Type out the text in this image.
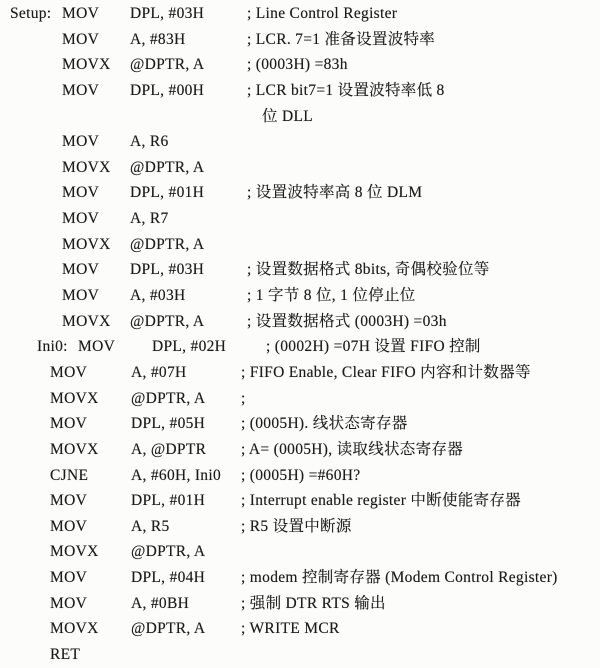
Setup: MOV DPL, #03H	; Line Control Register
MOV A, #83H	; LCR. 7=1 准备设置波特率
MOVX @DPTR, A	; (0003H) =83h
MOV DPL, #00H	; LCR bit7=1 设置波特率低 8
位 DLL
MOV A, R6
MOVX @DPTR, A
MOV DPL, #01H	; 设置波特率高 8 位 DLM
MOV A, R7
MOVX @DPTR, A
MOV DPL, #03H	; 设置数据格式 8bits, 奇偶校验位等
MOV A, #03H	; 1 字节 8 位, 1 位停止位
MOVX @DPTR, A	; 设置数据格式 (0003H) =03h
Ini0: MOV DPL, #02H	; (0002H) =07H 设置 FIFO 控制
MOV	A, #07H	; FIFO Enable, Clear FIFO 内容和计数器等
MOVX @DPTR, A ;
MOV	DPL, #05H ; (0005H). 线状态寄存器
MOVX A, @DPTR ; A= (0005H), 读取线状态寄存器
CJNE	A, #60H, Ini0 ; (0005H) =#60H?
MOV	DPL, #01H ; Interrupt enable register 中断使能寄存器
MOV	A, R5	; R5 设置中断源
MOVX @DPTR, A
MOV	DPL, #04H ; modem 控制寄存器 (Modem Control Register)
MOV	A, #0BH	; 强制 DTR RTS 输出
MOVX @DPTR, A ; WRITE MCR
RET
